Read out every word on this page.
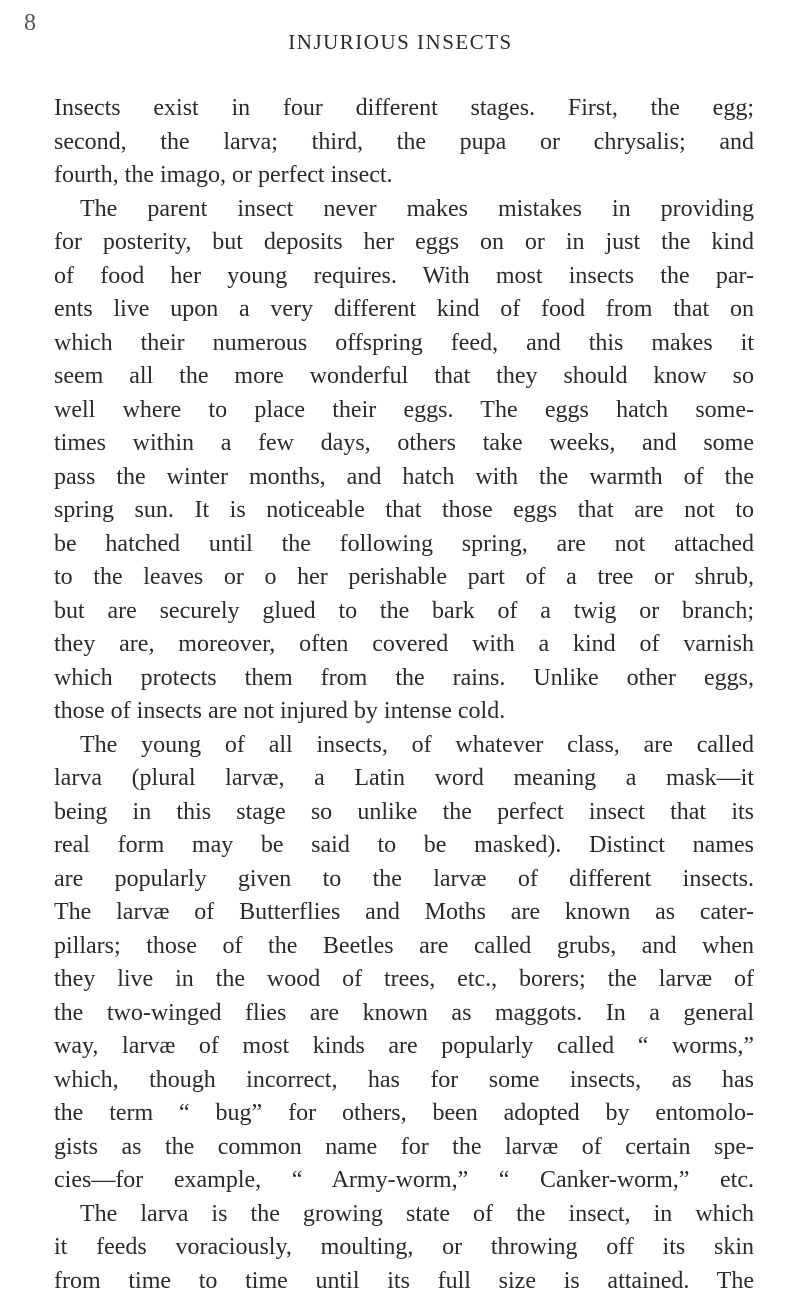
8
INJURIOUS INSECTS
Insects exist in four different stages. First, the egg;
second, the larva; third, the pupa or chrysalis; and
fourth, the imago, or perfect insect.
The parent insect never makes mistakes in providing
for posterity, but deposits her eggs on or in just the kind
of food her young requires. With most insects the par-
ents live upon a very different kind of food from that on
which their numerous offspring feed, and this makes it
seem all the more wonderful that they should know so
well where to place their eggs. The eggs hatch some-
times within a few days, others take weeks, and some
pass the winter months, and hatch with the warmth of the
spring sun. It is noticeable that those eggs that are not to
be hatched until the following spring, are not attached
to the leaves or o her perishable part of a tree or shrub,
but are securely glued to the bark of a twig or branch;
they are, moreover, often covered with a kind of varnish
which protects them from the rains. Unlike other eggs,
those of insects are not injured by intense cold.
The young of all insects, of whatever class, are called
larva (plural larvæ, a Latin word meaning a mask—it
being in this stage so unlike the perfect insect that its
real form may be said to be masked). Distinct names
are popularly given to the larvæ of different insects.
The larvæ of Butterflies and Moths are known as cater-
pillars; those of the Beetles are called grubs, and when
they live in the wood of trees, etc., borers; the larvæ of
the two-winged flies are known as maggots. In a general
way, larvæ of most kinds are popularly called “ worms,”
which, though incorrect, has for some insects, as has
the term “ bug” for others, been adopted by entomolo-
gists as the common name for the larvæ of certain spe-
cies—for example, “ Army-worm,” “ Canker-worm,” etc.
The larva is the growing state of the insect, in which
it feeds voraciously, moulting, or throwing off its skin
from time to time until its full size is attained. The
